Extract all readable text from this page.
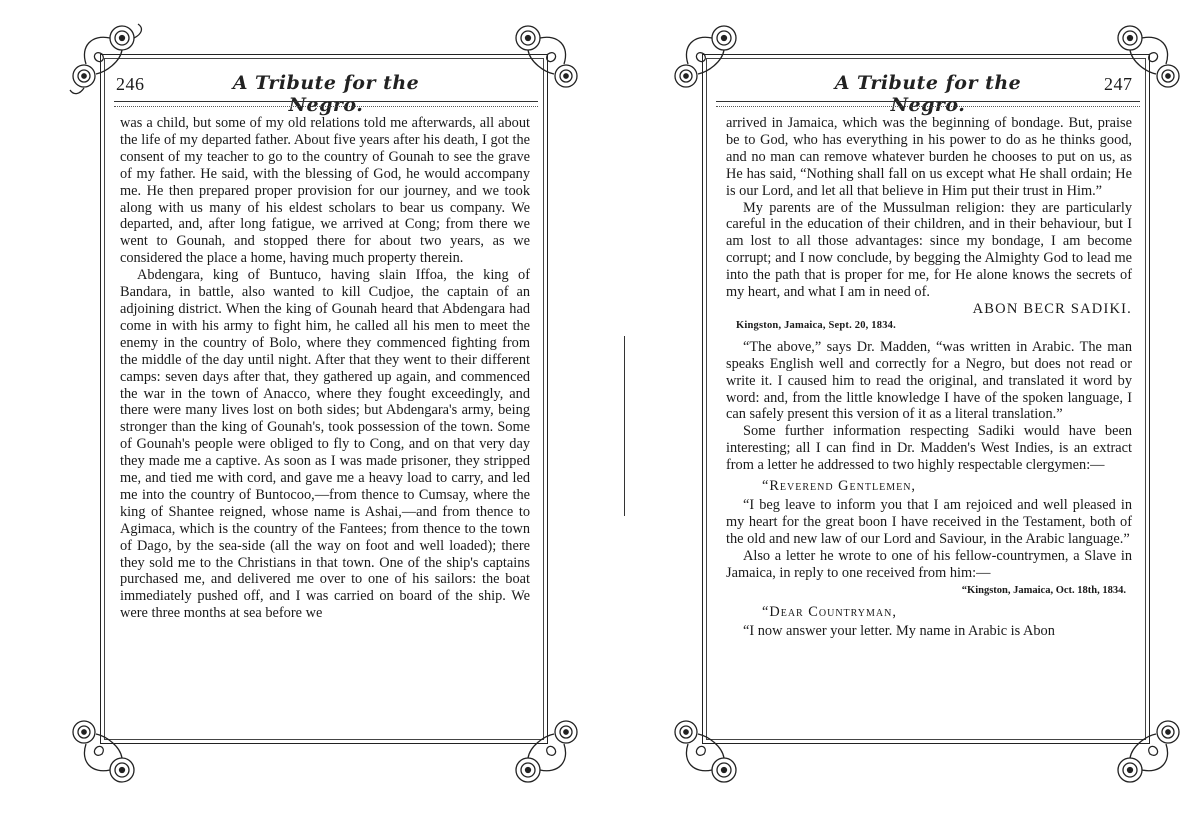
246	A Tribute for the Negro.

was a child, but some of my old relations told me afterwards, all about the life of my departed father. About five years after his death, I got the consent of my teacher to go to the country of Gounah to see the grave of my father. He said, with the blessing of God, he would accompany me. He then prepared proper provision for our journey, and we took along with us many of his eldest scholars to bear us company. We departed, and, after long fatigue, we arrived at Cong; from there we went to Gounah, and stopped there for about two years, as we considered the place a home, having much property therein.

Abdengara, king of Buntuco, having slain Iffoa, the king of Bandara, in battle, also wanted to kill Cudjoe, the captain of an adjoining district. When the king of Gounah heard that Abdengara had come in with his army to fight him, he called all his men to meet the enemy in the country of Bolo, where they commenced fighting from the middle of the day until night. After that they went to their different camps: seven days after that, they gathered up again, and commenced the war in the town of Anacco, where they fought exceedingly, and there were many lives lost on both sides; but Abdengara's army, being stronger than the king of Gounah's, took possession of the town. Some of Gounah's people were obliged to fly to Cong, and on that very day they made me a captive. As soon as I was made prisoner, they stripped me, and tied me with cord, and gave me a heavy load to carry, and led me into the country of Buntocoo,—from thence to Cumsay, where the king of Shantee reigned, whose name is Ashai,—and from thence to Agimaca, which is the country of the Fantees; from thence to the town of Dago, by the sea-side (all the way on foot and well loaded); there they sold me to the Christians in that town. One of the ship's captains purchased me, and delivered me over to one of his sailors: the boat immediately pushed off, and I was carried on board of the ship. We were three months at sea before we

A Tribute for the Negro.
247

arrived in Jamaica, which was the beginning of bondage. But, praise be to God, who has everything in his power to do as he thinks good, and no man can remove whatever burden he chooses to put on us, as He has said, “Nothing shall fall on us except what He shall ordain; He is our Lord, and let all that believe in Him put their trust in Him.”

My parents are of the Mussulman religion: they are particularly careful in the education of their children, and in their behaviour, but I am lost to all those advantages: since my bondage, I am become corrupt; and I now conclude, by begging the Almighty God to lead me into the path that is proper for me, for He alone knows the secrets of my heart, and what I am in need of.

ABON BECR SADIKI.

Kingston, Jamaica, Sept. 20, 1834.

“The above,” says Dr. Madden, “was written in Arabic. The man speaks English well and correctly for a Negro, but does not read or write it. I caused him to read the original, and translated it word by word: and, from the little knowledge I have of the spoken language, I can safely present this version of it as a literal translation.”

Some further information respecting Sadiki would have been interesting; all I can find in Dr. Madden's West Indies, is an extract from a letter he addressed to two highly respectable clergymen:—

“Reverend Gentlemen,

“I beg leave to inform you that I am rejoiced and well pleased in my heart for the great boon I have received in the Testament, both of the old and new law of our Lord and Saviour, in the Arabic language.”

Also a letter he wrote to one of his fellow-countrymen, a Slave in Jamaica, in reply to one received from him:—

“Kingston, Jamaica, Oct. 18th, 1834.

“Dear Countryman,

“I now answer your letter. My name in Arabic is Abon
